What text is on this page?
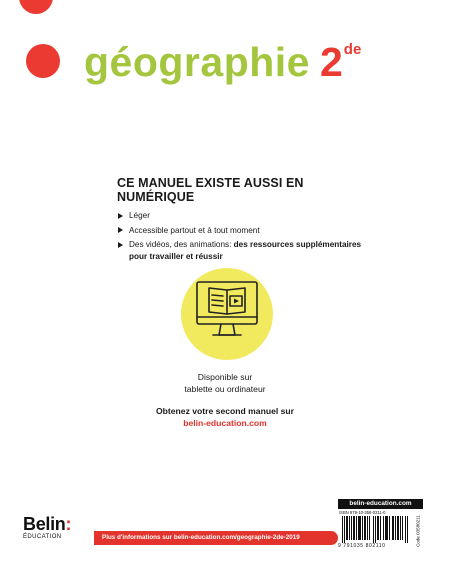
géographie 2de
CE MANUEL EXISTE AUSSI EN NUMÉRIQUE
Léger
Accessible partout et à tout moment
Des vidéos, des animations: des ressources supplémentaires pour travailler et réussir
Disponible sur
tablette ou ordinateur
Obtenez votre second manuel sur
belin-education.com
Belin:
ÉDUCATION	Plus d'informations sur belin-education.com/geographie-2de-2019
belin-education.com
ISBN 979-10-358-0211-0
9 791035 802110	Code 03580211
